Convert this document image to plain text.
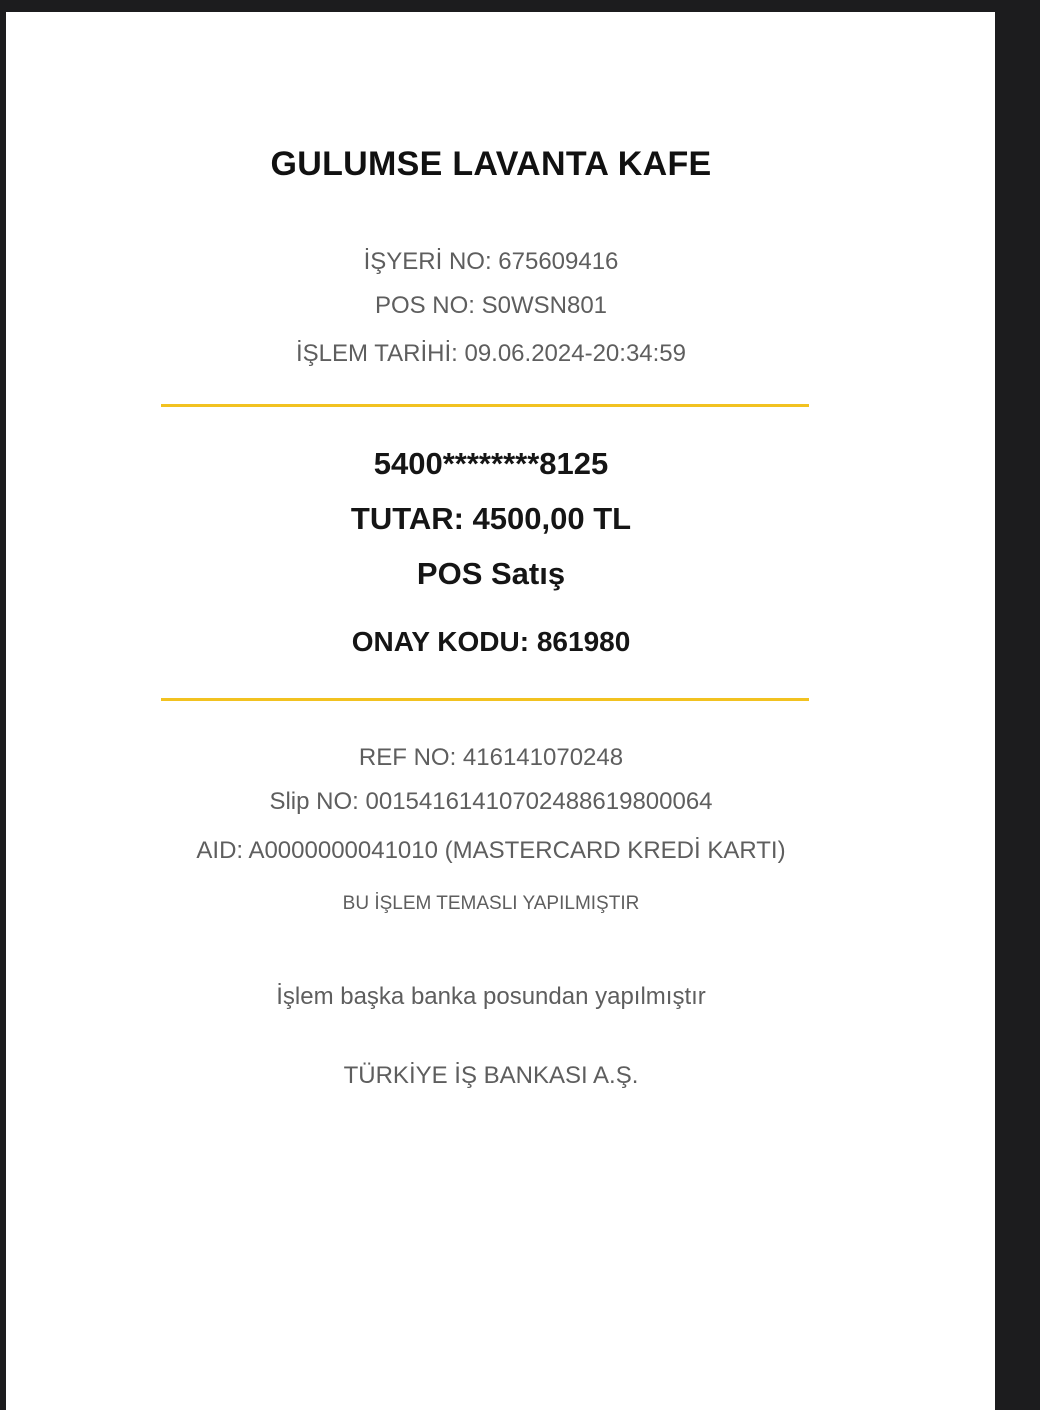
GULUMSE LAVANTA KAFE
İŞYERİ NO: 675609416
POS NO: S0WSN801
İŞLEM TARİHİ: 09.06.2024-20:34:59
5400********8125
TUTAR: 4500,00 TL
POS Satış
ONAY KODU: 861980
REF NO: 416141070248
Slip NO: 0015416141070248861980006​4
AID: A0000000041010 (MASTERCARD KREDİ KARTI)
BU İŞLEM TEMASLI YAPILMIŞTIR
İşlem başka banka posundan yapılmıştır
TÜRKİYE İŞ BANKASI A.Ş.
